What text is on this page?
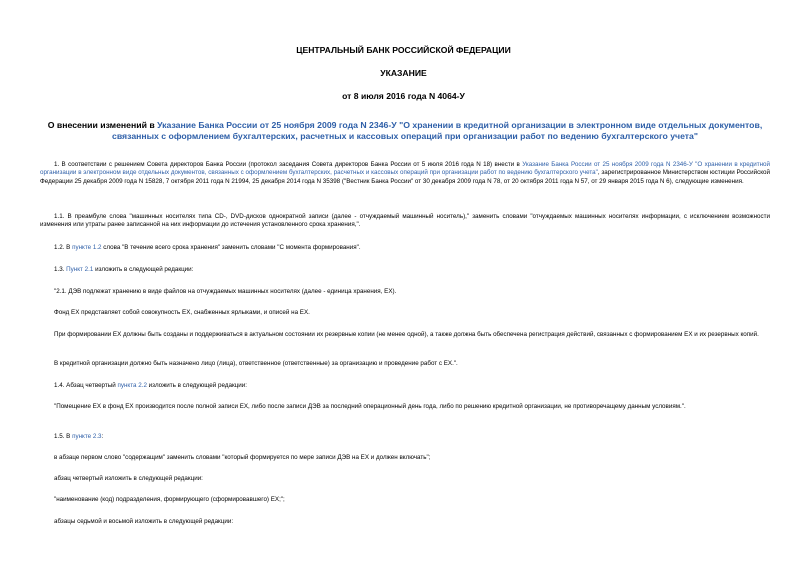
ЦЕНТРАЛЬНЫЙ БАНК РОССИЙСКОЙ ФЕДЕРАЦИИ

УКАЗАНИЕ

от 8 июля 2016 года N 4064-У

О внесении изменений в Указание Банка России от 25 ноября 2009 года N 2346-У "О хранении в кредитной организации в электронном виде отдельных документов, связанных с оформлением бухгалтерских, расчетных и кассовых операций при организации работ по ведению бухгалтерского учета"

1. В соответствии с решением Совета директоров Банка России (протокол заседания Совета директоров Банка России от 5 июля 2016 года N 18) внести в Указание Банка России от 25 ноября 2009 года N 2346-У "О хранении в кредитной организации в электронном виде отдельных документов, связанных с оформлением бухгалтерских, расчетных и кассовых операций при организации работ по ведению бухгалтерского учета", зарегистрированное Министерством юстиции Российской Федерации 25 декабря 2009 года N 15828, 7 октября 2011 года N 21994, 25 декабря 2014 года N 35398 ("Вестник Банка России" от 30 декабря 2009 года N 78, от 20 октября 2011 года N 57, от 29 января 2015 года N 6), следующие изменения.

1.1. В преамбуле слова "машинных носителях типа CD-, DVD-дисков однократной записи (далее - отчуждаемый машинный носитель)," заменить словами "отчуждаемых машинных носителях информации, с исключением возможности изменения или утраты ранее записанной на них информации до истечения установленного срока хранения,".

1.2. В пункте 1.2 слова "В течение всего срока хранения" заменить словами "С момента формирования".

1.3. Пункт 2.1 изложить в следующей редакции:

"2.1. ДЭВ подлежат хранению в виде файлов на отчуждаемых машинных носителях (далее - единица хранения, ЕХ).

Фонд ЕХ представляет собой совокупность ЕХ, снабженных ярлыками, и описей на ЕХ.

При формировании ЕХ должны быть созданы и поддерживаться в актуальном состоянии их резервные копии (не менее одной), а также должна быть обеспечена регистрация действий, связанных с формированием ЕХ и их резервных копий.

В кредитной организации должно быть назначено лицо (лица), ответственное (ответственные) за организацию и проведение работ с ЕХ.".

1.4. Абзац четвертый пункта 2.2 изложить в следующей редакции:

"Помещение ЕХ в фонд ЕХ производится после полной записи ЕХ, либо после записи ДЭВ за последний операционный день года, либо по решению кредитной организации, не противоречащему данным условиям.".

1.5. В пункте 2.3:

в абзаце первом слово "содержащим" заменить словами "который формируется по мере записи ДЭВ на ЕХ и должен включать";

абзац четвертый изложить в следующей редакции:

"наименование (код) подразделения, формирующего (сформировавшего) ЕХ;";

абзацы седьмой и восьмой изложить в следующей редакции:
